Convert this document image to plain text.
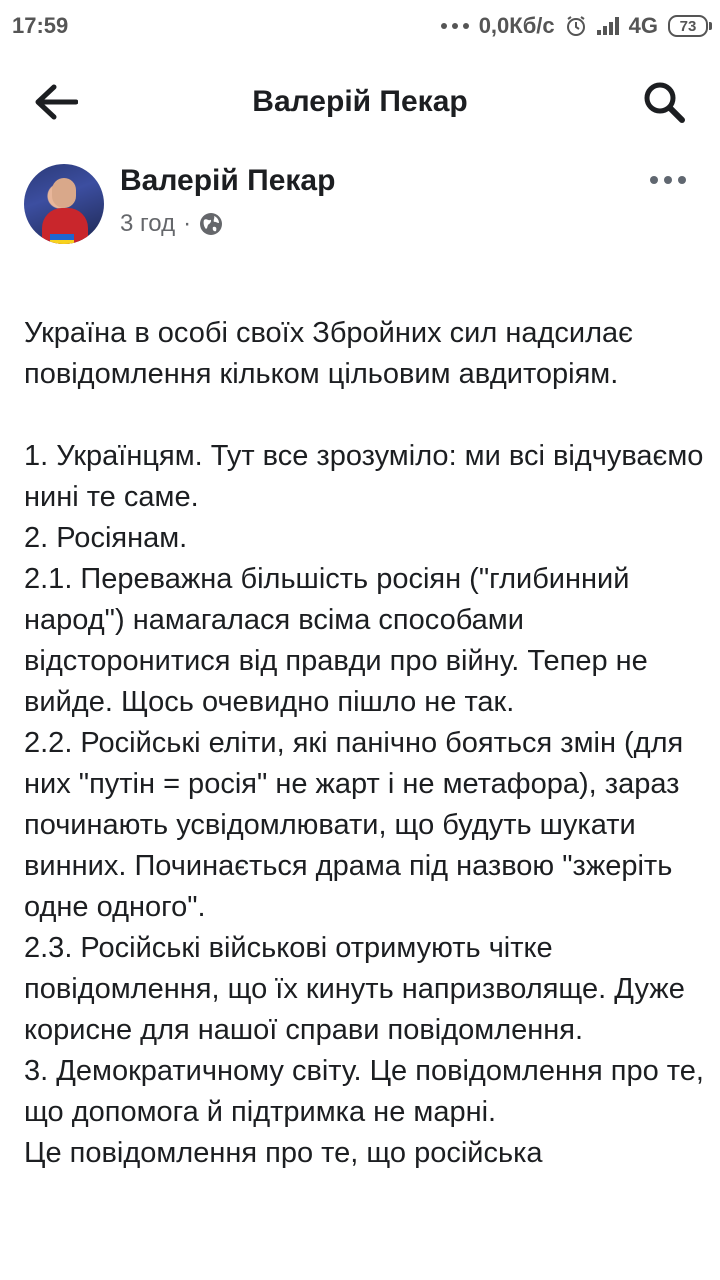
17:59	0,0Кб/с	4G 73
Валерій Пекар
Валерій Пекар
3 год ·

Україна в особі своїх Збройних сил надсилає повідомлення кільком цільовим авдиторіям.
1. Українцям. Тут все зрозуміло: ми всі відчуваємо нині те саме.
2. Росіянам.
2.1. Переважна більшість росіян ("глибинний народ") намагалася всіма способами відсторонитися від правди про війну. Тепер не вийде. Щось очевидно пішло не так.
2.2. Російські еліти, які панічно бояться змін (для них "путін = росія" не жарт і не метафора), зараз починають усвідомлювати, що будуть шукати винних. Починається драма під назвою "зжеріть одне одного".
2.3. Російські військові отримують чітке повідомлення, що їх кинуть напризволяще. Дуже корисне для нашої справи повідомлення.
3. Демократичному світу. Це повідомлення про те, що допомога й підтримка не марні.
Це повідомлення про те, що російська
